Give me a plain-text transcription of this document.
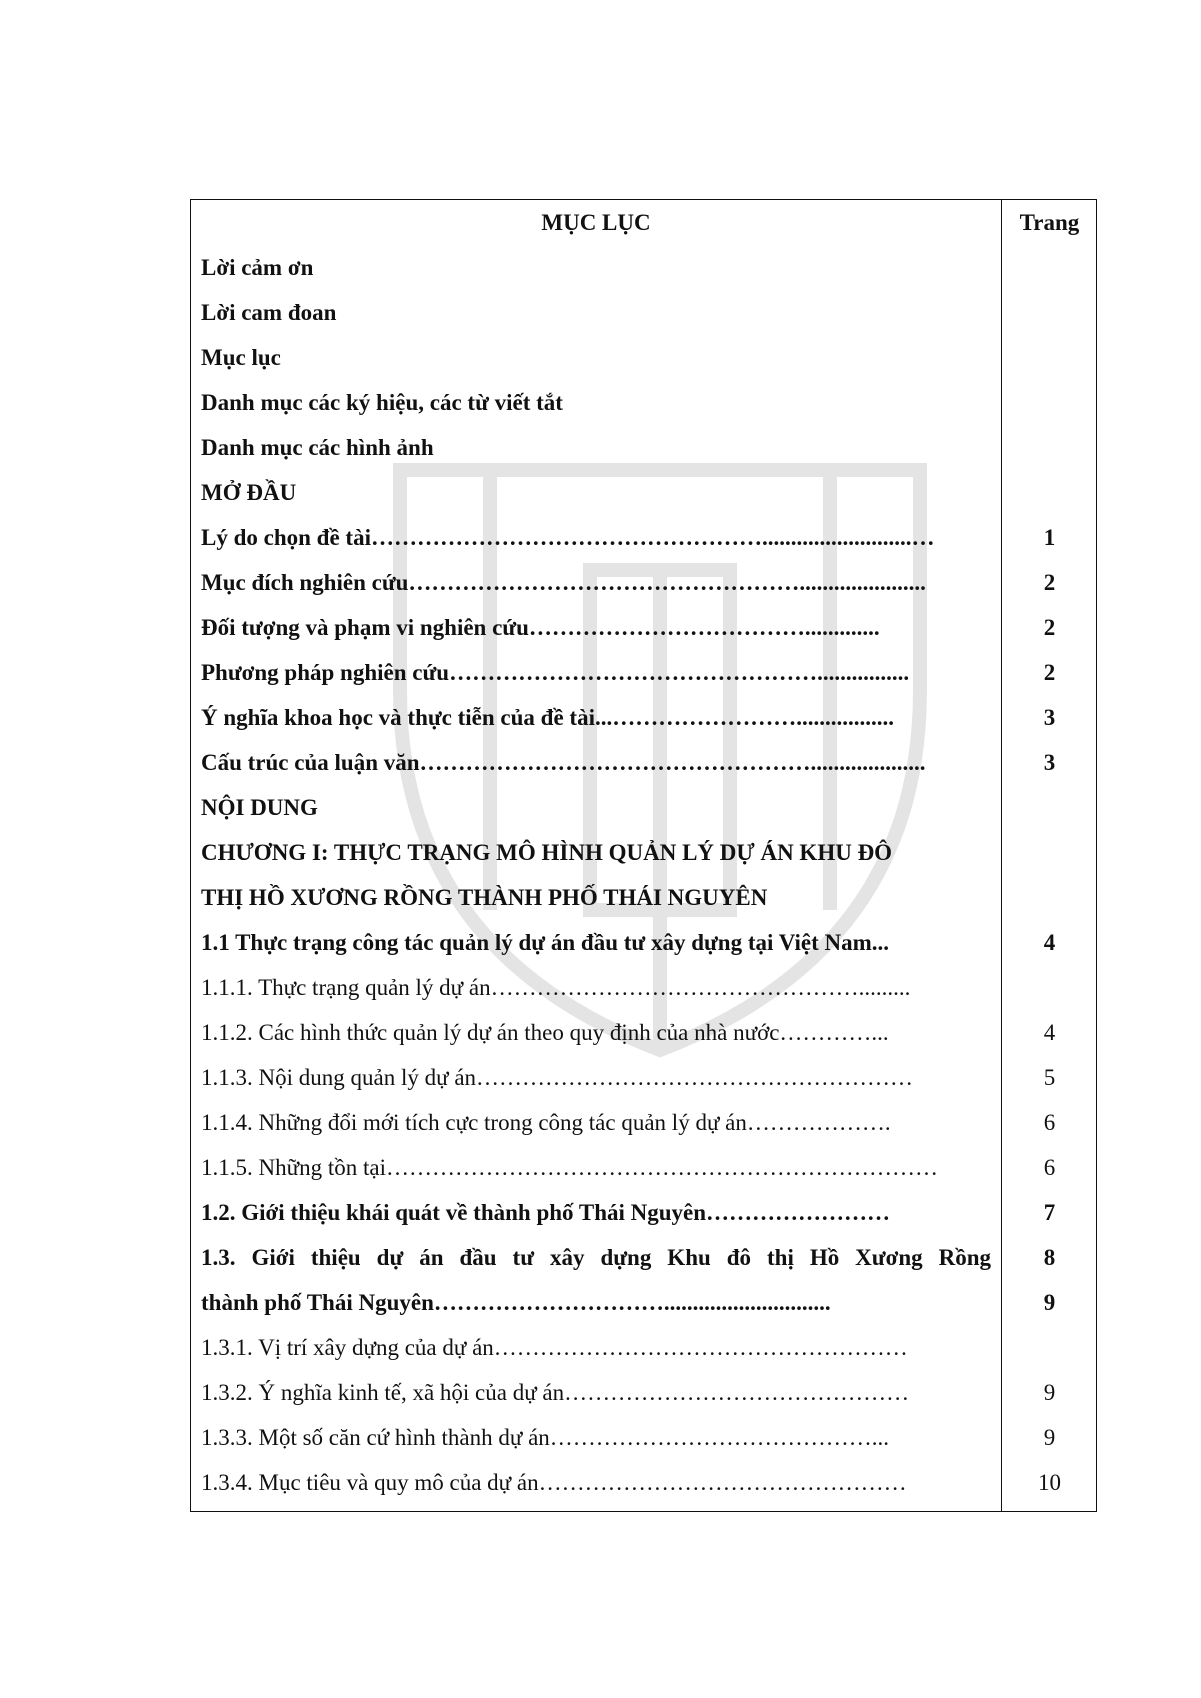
MỤC LỤC	Trang
Lời cảm ơn
Lời cam đoan
Mục lục
Danh mục các ký hiệu, các từ viết tắt
Danh mục các hình ảnh
MỞ ĐẦU
Lý do chọn đề tài……………………………………………..........................…	1
Mục đích nghiên cứu……………………………………………......................	2
Đối tượng và phạm vi nghiên cứu……………………………….............	2
Phương pháp nghiên cứu…………………………………………................	2
Ý nghĩa khoa học và thực tiễn của đề tài...…………………….................	3
Cấu trúc của luận văn……………………………………………....................	3
NỘI DUNG
CHƯƠNG I: THỰC TRẠNG MÔ HÌNH QUẢN LÝ DỰ ÁN KHU ĐÔ
THỊ HỒ XƯƠNG RỒNG THÀNH PHỐ THÁI NGUYÊN
1.1 Thực trạng công tác quản lý dự án đầu tư xây dựng tại Việt Nam...	4
1.1.1. Thực trạng quản lý dự án………………………………………….........
1.1.2. Các hình thức quản lý dự án theo quy định của nhà nước…………...	4
1.1.3. Nội dung quản lý dự án…………………………………………………	5
1.1.4. Những đổi mới tích cực trong công tác quản lý dự án……………….	6
1.1.5. Những tồn tại………………………………………………………………	6
1.2. Giới thiệu khái quát về thành phố Thái Nguyên……………………	7
1.3. Giới thiệu dự án đầu tư xây dựng Khu đô thị Hồ Xương Rồng	8
thành phố Thái Nguyên………………………….............................	9
1.3.1. Vị trí xây dựng của dự án………………………………………………
1.3.2. Ý nghĩa kinh tế, xã hội của dự án………………………………………	9
1.3.3. Một số căn cứ hình thành dự án……………………………………...	9
1.3.4. Mục tiêu và quy mô của dự án…………………………………………	10
